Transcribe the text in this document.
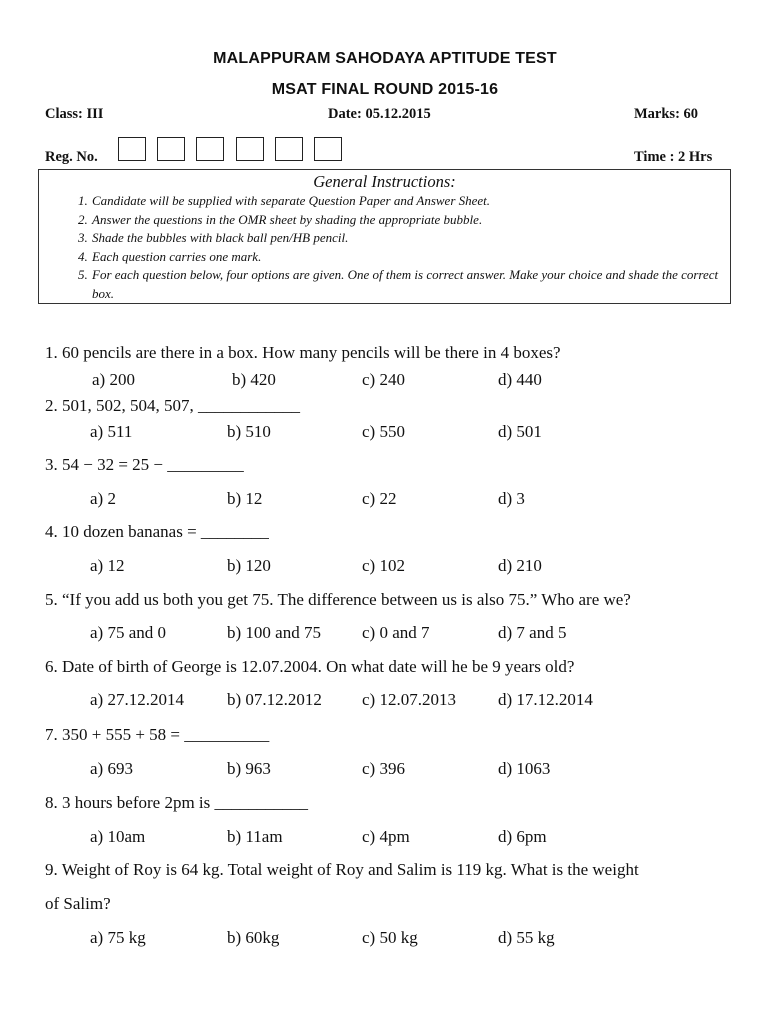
MALAPPURAM SAHODAYA APTITUDE TEST
MSAT FINAL ROUND 2015-16
Class: III	Date: 05.12.2015	Marks: 60
Reg. No.	Time : 2 Hrs
General Instructions:
1. Candidate will be supplied with separate Question Paper and Answer Sheet.
2. Answer the questions in the OMR sheet by shading the appropriate bubble.
3. Shade the bubbles with black ball pen/HB pencil.
4. Each question carries one mark.
5. For each question below, four options are given. One of them is correct answer. Make your choice and shade the correct box.
1. 60 pencils are there in a box. How many pencils will be there in 4 boxes?
a) 200	b) 420	c) 240	d) 440
2. 501, 502, 504, 507, ____________
a) 511	b) 510	c) 550	d) 501
3. 54 − 32 = 25 − _________
a) 2	b) 12	c) 22	d) 3
4. 10 dozen bananas = ________
a) 12	b) 120	c) 102	d) 210
5. “If you add us both you get 75. The difference between us is also 75.” Who are we?
a) 75 and 0	b) 100 and 75 c) 0 and 7	d) 7 and 5
6. Date of birth of George is 12.07.2004. On what date will he be 9 years old?
a) 27.12.2014	b) 07.12.2012 c) 12.07.2013 d) 17.12.2014
7. 350 + 555 + 58 = __________
a) 693	b) 963	c) 396	d) 1063
8. 3 hours before 2pm is ___________
a) 10am	b) 11am	c) 4pm	d) 6pm
9. Weight of Roy is 64 kg. Total weight of Roy and Salim is 119 kg. What is the weight
of Salim?
a) 75 kg	b) 60kg	c) 50 kg	d) 55 kg
